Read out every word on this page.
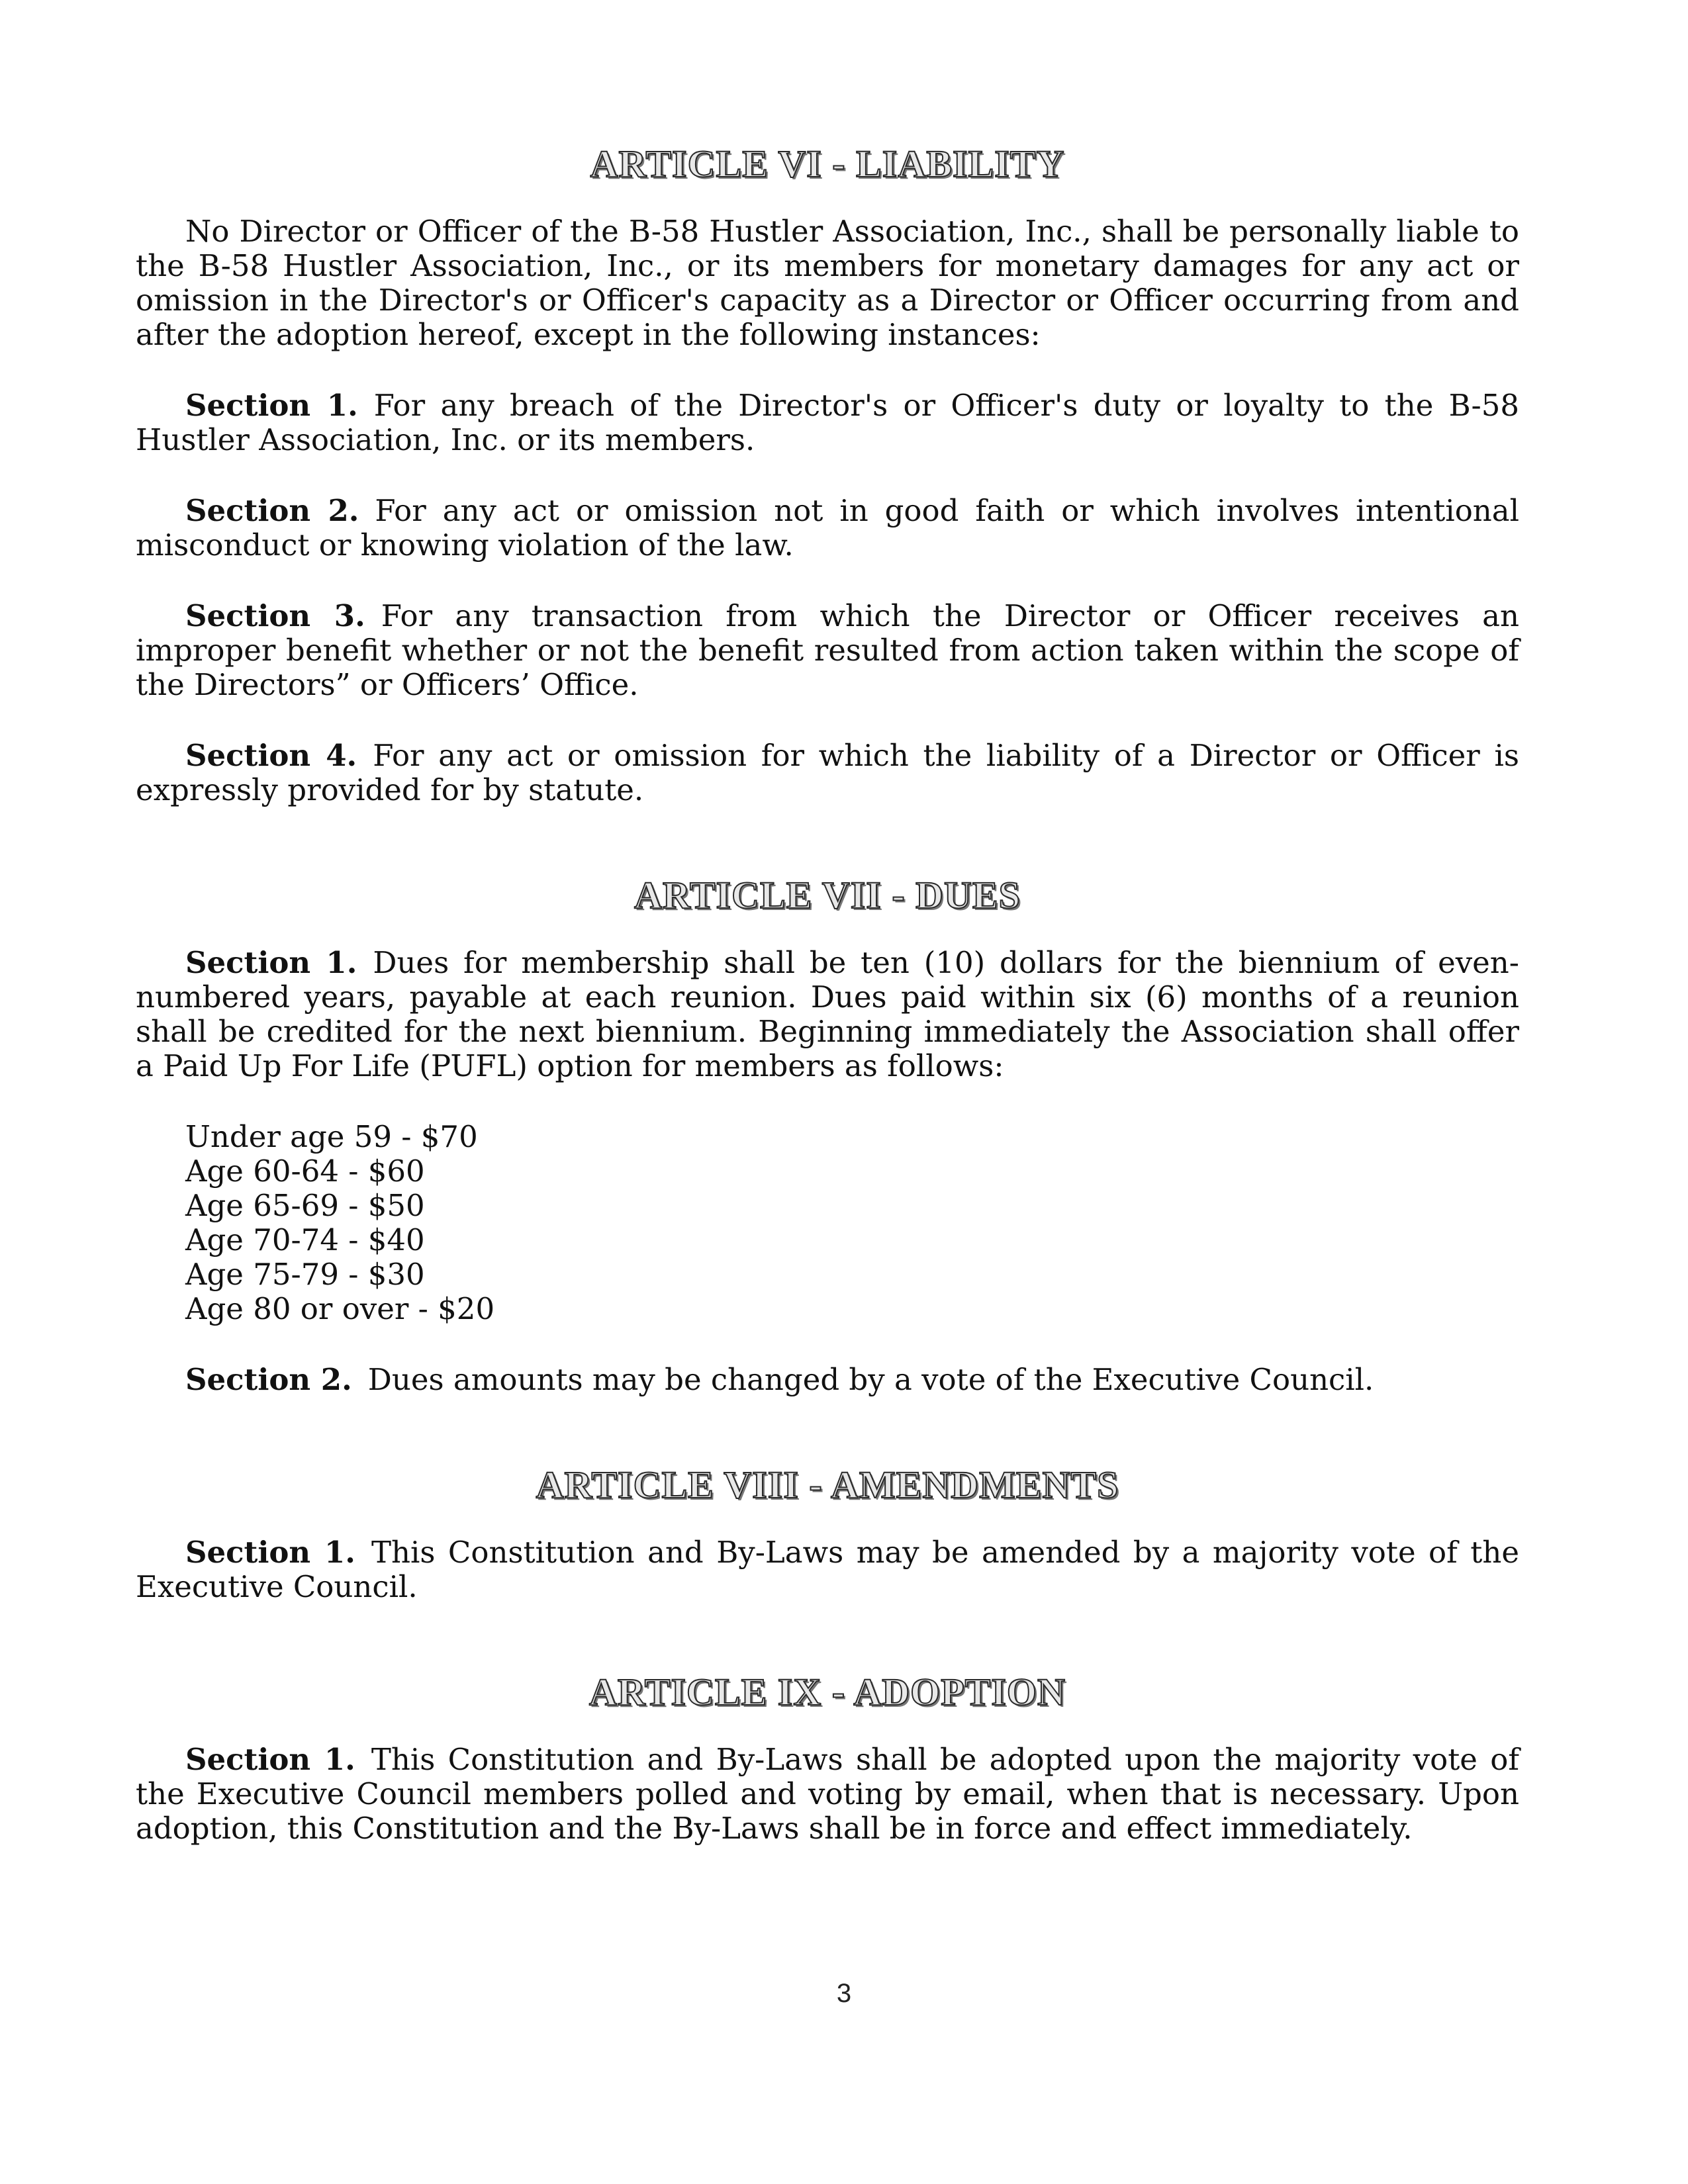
ARTICLE VI - LIABILITY

No Director or Officer of the B-58 Hustler Association, Inc., shall be personally liable to the B-58 Hustler Association, Inc., or its members for monetary damages for any act or omission in the Director's or Officer's capacity as a Director or Officer occurring from and after the adoption hereof, except in the following instances:

Section 1. For any breach of the Director's or Officer's duty or loyalty to the B-58 Hustler Association, Inc. or its members.

Section 2. For any act or omission not in good faith or which involves intentional misconduct or knowing violation of the law.

Section 3. For any transaction from which the Director or Officer receives an improper benefit whether or not the benefit resulted from action taken within the scope of the Directors” or Officers’ Office.

Section 4. For any act or omission for which the liability of a Director or Officer is expressly provided for by statute.

ARTICLE VII - DUES

Section 1. Dues for membership shall be ten (10) dollars for the biennium of even-numbered years, payable at each reunion. Dues paid within six (6) months of a reunion shall be credited for the next biennium. Beginning immediately the Association shall offer a Paid Up For Life (PUFL) option for members as follows:

Under age 59 - $70
Age 60-64 - $60
Age 65-69 - $50
Age 70-74 - $40
Age 75-79 - $30
Age 80 or over - $20

Section 2. Dues amounts may be changed by a vote of the Executive Council.

ARTICLE VIII - AMENDMENTS

Section 1. This Constitution and By-Laws may be amended by a majority vote of the Executive Council.

ARTICLE IX - ADOPTION

Section 1. This Constitution and By-Laws shall be adopted upon the majority vote of the Executive Council members polled and voting by email, when that is necessary. Upon adoption, this Constitution and the By-Laws shall be in force and effect immediately.

3
